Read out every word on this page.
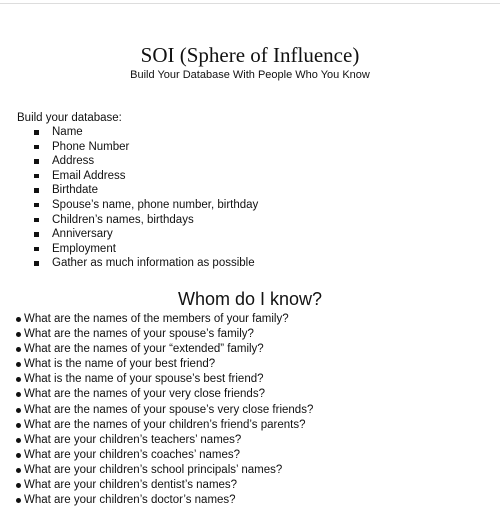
SOI (Sphere of Influence)
Build Your Database With People Who You Know
Build your database:
Name
Phone Number
Address
Email Address
Birthdate
Spouse’s name, phone number, birthday
Children’s names, birthdays
Anniversary
Employment
Gather as much information as possible
Whom do I know?
What are the names of the members of your family?
What are the names of your spouse’s family?
What are the names of your “extended” family?
What is the name of your best friend?
What is the name of your spouse’s best friend?
What are the names of your very close friends?
What are the names of your spouse’s very close friends?
What are the names of your children’s friend’s parents?
What are your children’s teachers’ names?
What are your children’s coaches’ names?
What are your children’s school principals’ names?
What are your children’s dentist’s names?
What are your children’s doctor’s names?
